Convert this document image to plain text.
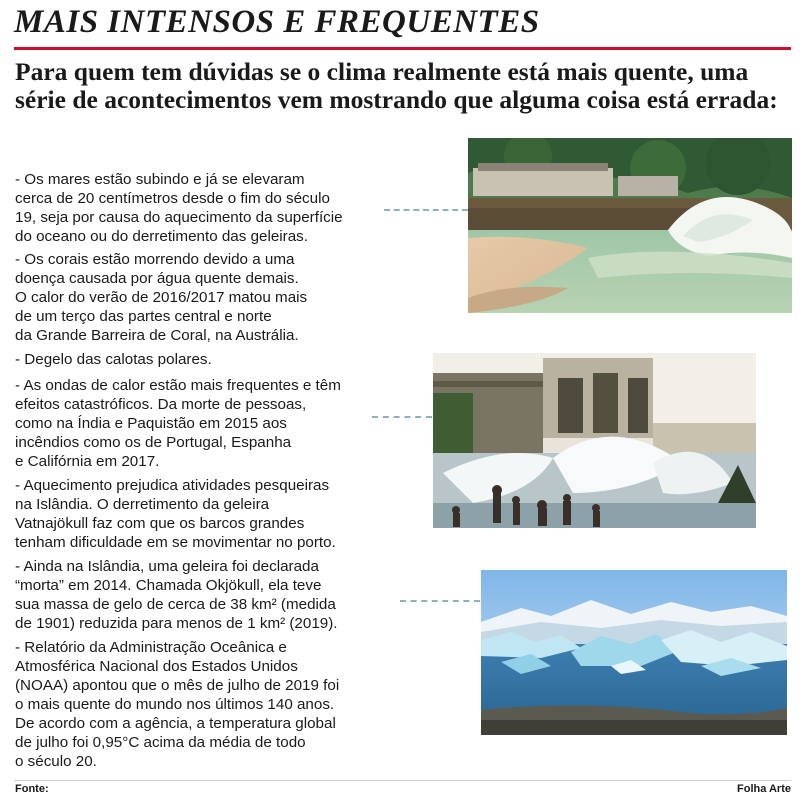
MAIS INTENSOS E FREQUENTES

Para quem tem dúvidas se o clima realmente está mais quente, uma série de acontecimentos vem mostrando que alguma coisa está errada:

- Os mares estão subindo e já se elevaram
cerca de 20 centímetros desde o fim do século
19, seja por causa do aquecimento da superfície
do oceano ou do derretimento das geleiras.
- Os corais estão morrendo devido a uma
doença causada por água quente demais.
O calor do verão de 2016/2017 matou mais
de um terço das partes central e norte
da Grande Barreira de Coral, na Austrália.
- Degelo das calotas polares.
- As ondas de calor estão mais frequentes e têm
efeitos catastróficos. Da morte de pessoas,
como na Índia e Paquistão em 2015 aos
incêndios como os de Portugal, Espanha
e Califórnia em 2017.
- Aquecimento prejudica atividades pesqueiras
na Islândia. O derretimento da geleira
Vatnajökull faz com que os barcos grandes
tenham dificuldade em se movimentar no porto.
- Ainda na Islândia, uma geleira foi declarada
“morta” em 2014. Chamada Okjökull, ela teve
sua massa de gelo de cerca de 38 km² (medida
de 1901) reduzida para menos de 1 km² (2019).
- Relatório da Administração Oceânica e
Atmosférica Nacional dos Estados Unidos
(NOAA) apontou que o mês de julho de 2019 foi
o mais quente do mundo nos últimos 140 anos.
De acordo com a agência, a temperatura global
de julho foi 0,95°C acima da média de todo
o século 20.
Fonte:	Folha Arte
